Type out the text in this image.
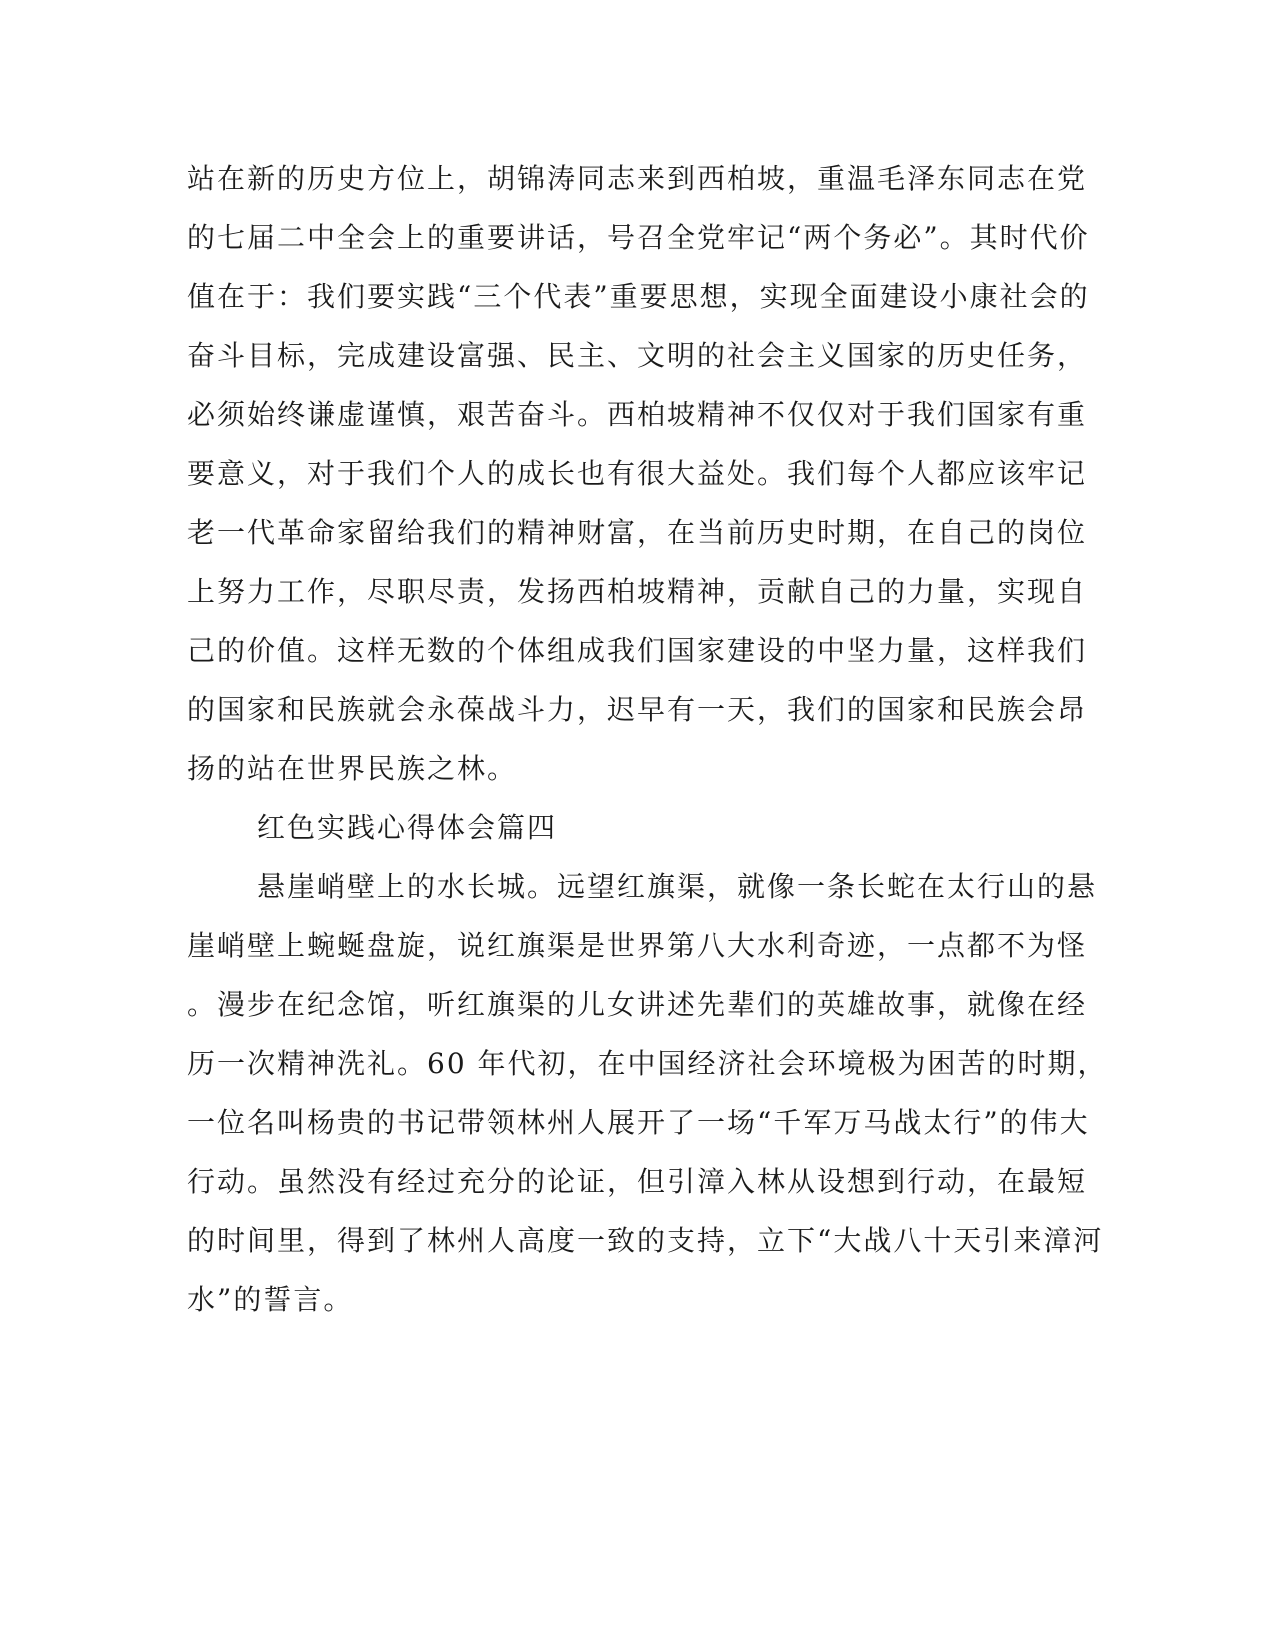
站在新的历史方位上，胡锦涛同志来到西柏坡，重温毛泽东同志在党
的七届二中全会上的重要讲话，号召全党牢记“两个务必”。其时代价
值在于：我们要实践“三个代表”重要思想，实现全面建设小康社会的
奋斗目标，完成建设富强、民主、文明的社会主义国家的历史任务，
必须始终谦虚谨慎，艰苦奋斗。西柏坡精神不仅仅对于我们国家有重
要意义，对于我们个人的成长也有很大益处。我们每个人都应该牢记
老一代革命家留给我们的精神财富，在当前历史时期，在自己的岗位
上努力工作，尽职尽责，发扬西柏坡精神，贡献自己的力量，实现自
己的价值。这样无数的个体组成我们国家建设的中坚力量，这样我们
的国家和民族就会永葆战斗力，迟早有一天，我们的国家和民族会昂
扬的站在世界民族之林。
红色实践心得体会篇四
悬崖峭壁上的水长城。远望红旗渠，就像一条长蛇在太行山的悬
崖峭壁上蜿蜒盘旋，说红旗渠是世界第八大水利奇迹，一点都不为怪
。漫步在纪念馆，听红旗渠的儿女讲述先辈们的英雄故事，就像在经
历一次精神洗礼。60 年代初，在中国经济社会环境极为困苦的时期，
一位名叫杨贵的书记带领林州人展开了一场“千军万马战太行”的伟大
行动。虽然没有经过充分的论证，但引漳入林从设想到行动，在最短
的时间里，得到了林州人高度一致的支持，立下“大战八十天引来漳河
水”的誓言。
